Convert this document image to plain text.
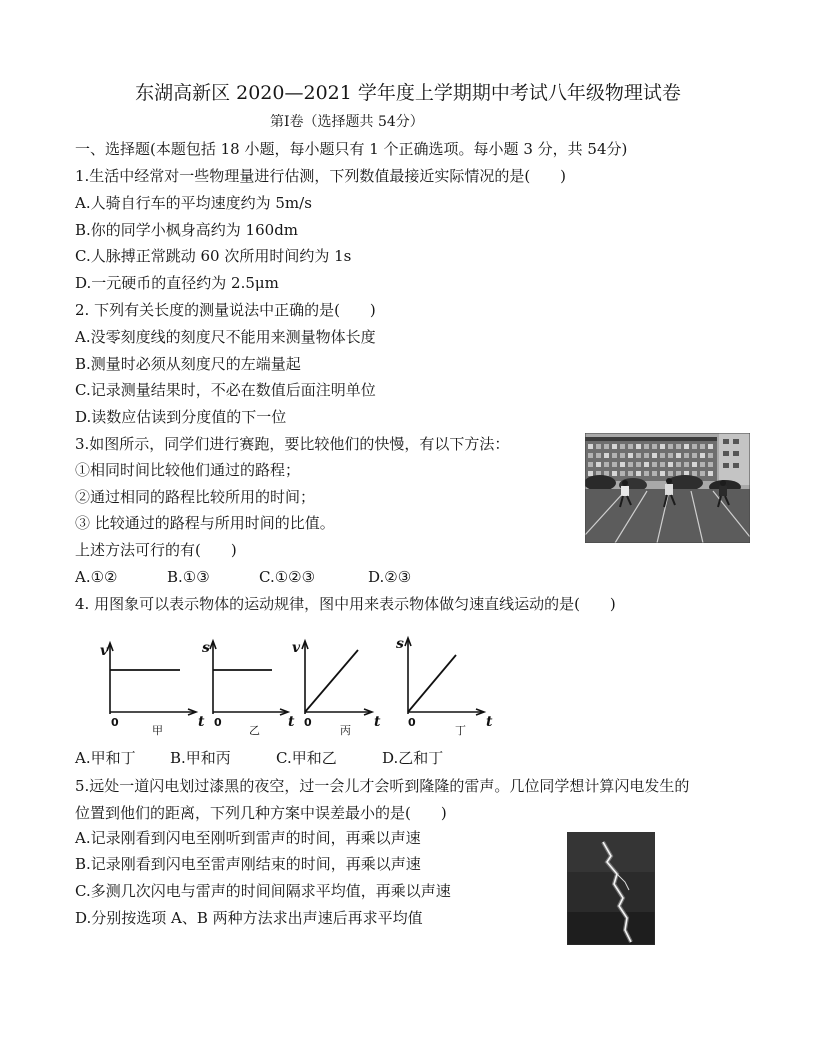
东湖高新区 2020—2021 学年度上学期期中考试八年级物理试卷
第Ⅰ卷（选择题共 54分）
一、选择题(本题包括 18 小题，每小题只有 1 个正确选项。每小题 3 分，共 54分)
1.生活中经常对一些物理量进行估测，下列数值最接近实际情况的是(　　)
A.人骑自行车的平均速度约为 5m/s
B.你的同学小枫身高约为 160dm
C.人脉搏正常跳动 60 次所用时间约为 1s
D.一元硬币的直径约为 2.5μm
2. 下列有关长度的测量说法中正确的是(　　)
A.没零刻度线的刻度尺不能用来测量物体长度
B.测量时必须从刻度尺的左端量起
C.记录测量结果时，不必在数值后面注明单位
D.读数应估读到分度值的下一位
3.如图所示，同学们进行赛跑，要比较他们的快慢，有以下方法：
①相同时间比较他们通过的路程；
②通过相同的路程比较所用的时间；
③ 比较通过的路程与所用时间的比值。
上述方法可行的有(　　)
A.①②	B.①③	C.①②③	D.②③
4. 用图象可以表示物体的运动规律，图中用来表示物体做匀速直线运动的是(　　)
v
0	t
甲
s
0	t
乙
v
0	t
丙
s
0	t
丁
A.甲和丁 B.甲和丙	C.甲和乙	D.乙和丁
5.远处一道闪电划过漆黑的夜空，过一会儿才会听到隆隆的雷声。几位同学想计算闪电发生的
位置到他们的距离，下列几种方案中误差最小的是(　　)
A.记录刚看到闪电至刚听到雷声的时间，再乘以声速
B.记录刚看到闪电至雷声刚结束的时间，再乘以声速
C.多测几次闪电与雷声的时间间隔求平均值，再乘以声速
D.分别按选项 A、B 两种方法求出声速后再求平均值
